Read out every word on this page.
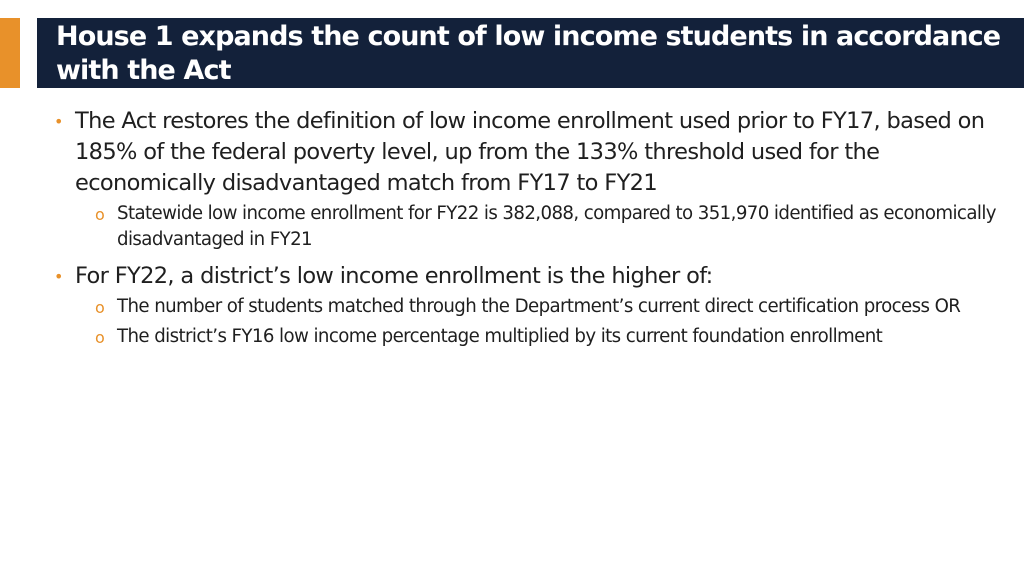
House 1 expands the count of low income students in accordance with the Act
• The Act restores the definition of low income enrollment used prior to FY17, based on 185% of the federal poverty level, up from the 133% threshold used for the economically disadvantaged match from FY17 to FY21
o Statewide low income enrollment for FY22 is 382,088, compared to 351,970 identified as economically disadvantaged in FY21
• For FY22, a district’s low income enrollment is the higher of:
o The number of students matched through the Department’s current direct certification process OR
o The district’s FY16 low income percentage multiplied by its current foundation enrollment
